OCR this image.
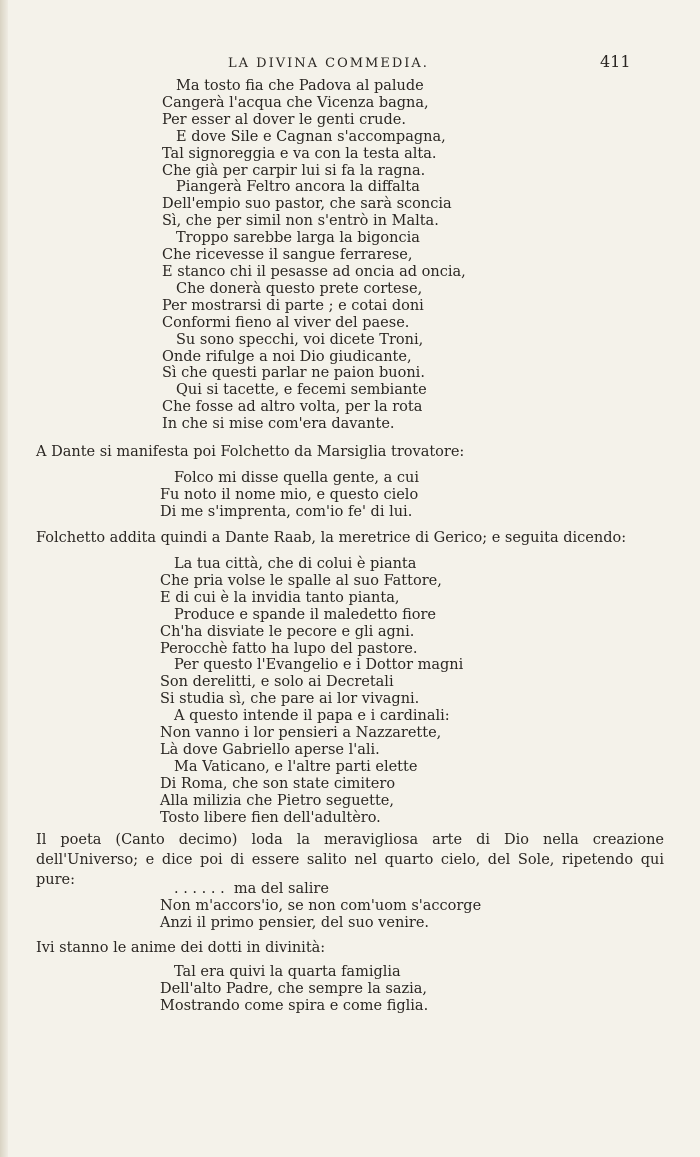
LA DIVINA COMMEDIA.	411
Ma tosto fia che Padova al palude
Cangerà l'acqua che Vicenza bagna,
Per esser al dover le genti crude.
E dove Sile e Cagnan s'accompagna,
Tal signoreggia e va con la testa alta.
Che già per carpir lui si fa la ragna.
Piangerà Feltro ancora la diffalta
Dell'empio suo pastor, che sarà sconcia
Sì, che per simil non s'entrò in Malta.
Troppo sarebbe larga la bigoncia
Che ricevesse il sangue ferrarese,
E stanco chi il pesasse ad oncia ad oncia,
Che donerà questo prete cortese,
Per mostrarsi di parte ; e cotai doni
Conformi fieno al viver del paese.
Su sono specchi, voi dicete Troni,
Onde rifulge a noi Dio giudicante,
Sì che questi parlar ne paion buoni.
Qui si tacette, e fecemi sembiante
Che fosse ad altro volta, per la rota
In che si mise com'era davante.
A Dante si manifesta poi Folchetto da Marsiglia trovatore:
Folco mi disse quella gente, a cui
Fu noto il nome mio, e questo cielo
Di me s'imprenta, com'io fe' di lui.
Folchetto addita quindi a Dante Raab, la meretrice di Gerico; e seguita dicendo:
La tua città, che di colui è pianta
Che pria volse le spalle al suo Fattore,
E di cui è la invidia tanto pianta,
Produce e spande il maledetto fiore
Ch'ha disviate le pecore e gli agni.
Perocchè fatto ha lupo del pastore.
Per questo l'Evangelio e i Dottor magni
Son derelitti, e solo ai Decretali
Si studia sì, che pare ai lor vivagni.
A questo intende il papa e i cardinali:
Non vanno i lor pensieri a Nazzarette,
Là dove Gabriello aperse l'ali.
Ma Vaticano, e l'altre parti elette
Di Roma, che son state cimitero
Alla milizia che Pietro seguette,
Tosto libere fien dell'adultèro.
Il poeta (Canto decimo) loda la meravigliosa arte di Dio nella creazione dell'Universo; e dice poi di essere salito nel quarto cielo, del Sole, ripetendo qui pure:
. . . . . .  ma del salire
Non m'accors'io, se non com'uom s'accorge
Anzi il primo pensier, del suo venire.
Ivi stanno le anime dei dotti in divinità:
Tal era quivi la quarta famiglia
Dell'alto Padre, che sempre la sazia,
Mostrando come spira e come figlia.
